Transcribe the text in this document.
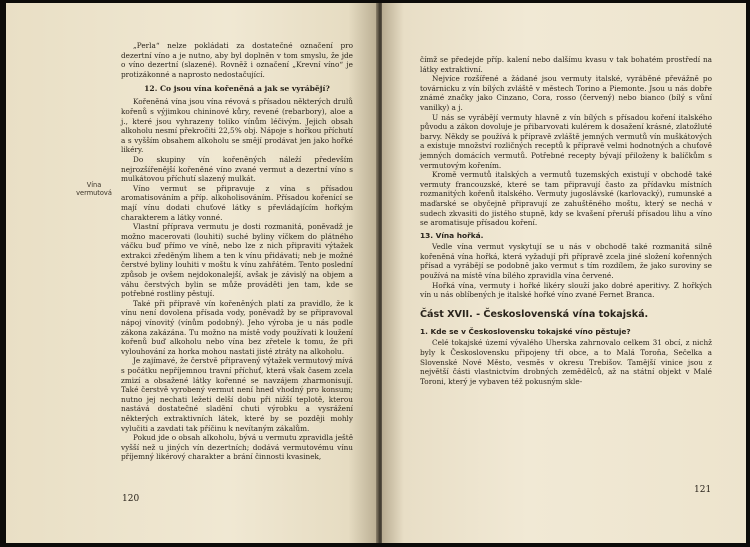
Vína vermutová

„Perla“ nelze pokládati za dostatečné označení pro dezertní víno a je nutno, aby byl doplněn v tom smyslu, že jde o víno dezertní (slazené). Rovněž i označení „Krevní víno“ je protizákonné a naprosto nedostačující.

12. Co jsou vína kořeněná a jak se vyrábějí?

Kořeněná vína jsou vína révová s přísadou některých drulů kořenů s výjimkou chininové kůry, revené (rebarbory), aloe a j., které jsou vyhrazeny toliko vínům léčivým. Jejich obsah alkoholu nesmí překročiti 22,5% obj. Nápoje s hořkou příchutí a s vyšším obsahem alkoholu se smějí prodávat jen jako hořké likéry.

Do skupiny vín kořeněných náleží především nejrozšířenější kořeněné víno zvané vermut a dezertní víno s mulkátovou příchutí slazený mulkát.

Víno vermut se připravuje z vína s přísadou aromatisováním a příp. alkoholisováním. Přísadou kořenící se mají vínu dodati chuťové látky s převládajícím hořkým charakterem a látky vonné.

Vlastní příprava vermutu je dosti rozmanitá, poněvadž je možno macerovati (louhiti) suché byliny víčkem do plátného váčku buď přímo ve víně, nebo lze z nich připraviti výtažek extrakci zředěným lihem a ten k vínu přidávati; neb je možné čerstvé byliny louhiti v moštu k vínu zahřátém. Tento poslední způsob je ovšem nejdokonalejší, avšak je závislý na objem a váhu čerstvých bylin se může prováděti jen tam, kde se potřebné rostliny pěstují.

Také při přípravě vín kořeněných platí za pravidlo, že k vínu není dovolena přísada vody, poněvadž by se připravoval nápoj vínovitý (vínům podobný). Jeho výroba je u nás podle zákona zakázána. Tu možno na místě vody používati k loužení kořenů buď alkoholu nebo vína bez zřetele k tomu, že při vylouhování za horka mohou nastati jisté ztráty na alkoholu.

Je zajímavé, že čerstvě připravený výtažek vermutový mívá s počátku nepříjemnou travní příchuť, která však časem zcela zmizí a obsažené látky kořenné se navzájem zharmonisují. Také čerstvě vyrobený vermut není hned vhodný pro konsum; nutno jej nechati ležeti delší dobu při nižší teplotě, kterou nastává dostatečné sladění chuti výrobku a vysrážení některých extraktivních látek, které by se později mohly vylučiti a zavdati tak příčinu k nevítaným zákalům.

Pokud jde o obsah alkoholu, bývá u vermutu zpravidla ještě vyšší než u jiných vín dezertních; dodává vermutovému vínu příjemný likérový charakter a brání činnosti kvasinek,

120

čímž se předejde příp. kalení nebo dalšímu kvasu v tak bohatém prostředí na látky extraktivní.

Nejvíce rozšířené a žádané jsou vermuty italské, vyráběné převážně po továrnicku z vín bílých zvláště v městech Torino a Piemonte. Jsou u nás dobře známé značky jako Cinzano, Cora, rosso (červený) nebo bianco (bílý s vůní vanilky) a j.

U nás se vyrábějí vermuty hlavně z vín bílých s přísadou koření italského původu a zákon dovoluje je přibarvovati kulérem k dosažení krásné, zlatožluté barvy. Někdy se používá k přípravě zvláště jemných vermutů vín muškátových a existuje množství rozličných receptů k přípravě velmi hodnotných a chuťově jemných domácích vermutů. Potřebné recepty bývají přiloženy k balíčkům s vermutovým kořením.

Kromě vermutů italských a vermutů tuzemských existují v obchodě také vermuty francouzské, které se tam připravují často za přídavku místních rozmanitých kořenů italského. Vermuty jugoslávské (karlovacký), rumunské a maďarské se obyčejně připravují ze zahuštěného moštu, který se nechá v sudech zkvasiti do jistého stupně, kdy se kvašení přeruší přísadou lihu a víno se aromatisuje přísadou koření.

13. Vína hořká.

Vedle vína vermut vyskytují se u nás v obchodě také rozmanitá silně kořeněná vína hořká, která vyžadují při přípravě zcela jiné složení kořenných přísad a vyrábějí se podobně jako vermut s tím rozdílem, že jako suroviny se používá na místě vína bílého zpravidla vína červené.

Hořká vína, vermuty i hořké likéry slouží jako dobré aperitivy. Z hořkých vín u nás oblíbených je italské hořké víno zvané Fernet Branca.

Část XVII. - Československá vína tokajská.
1. Kde se v Československu tokajské víno pěstuje?

Celé tokajské území vývalého Uherska zahrnovalo celkem 31 obcí, z nichž byly k Československu připojeny tři obce, a to Malá Toroňa, Sečelka a Slovenské Nové Město, vesměs v okresu Trebišov. Tamější vinice jsou z největší části vlastnictvím drobných zemědělců, až na státní objekt v Malé Toroni, který je vybaven též pokusným skle-

121
